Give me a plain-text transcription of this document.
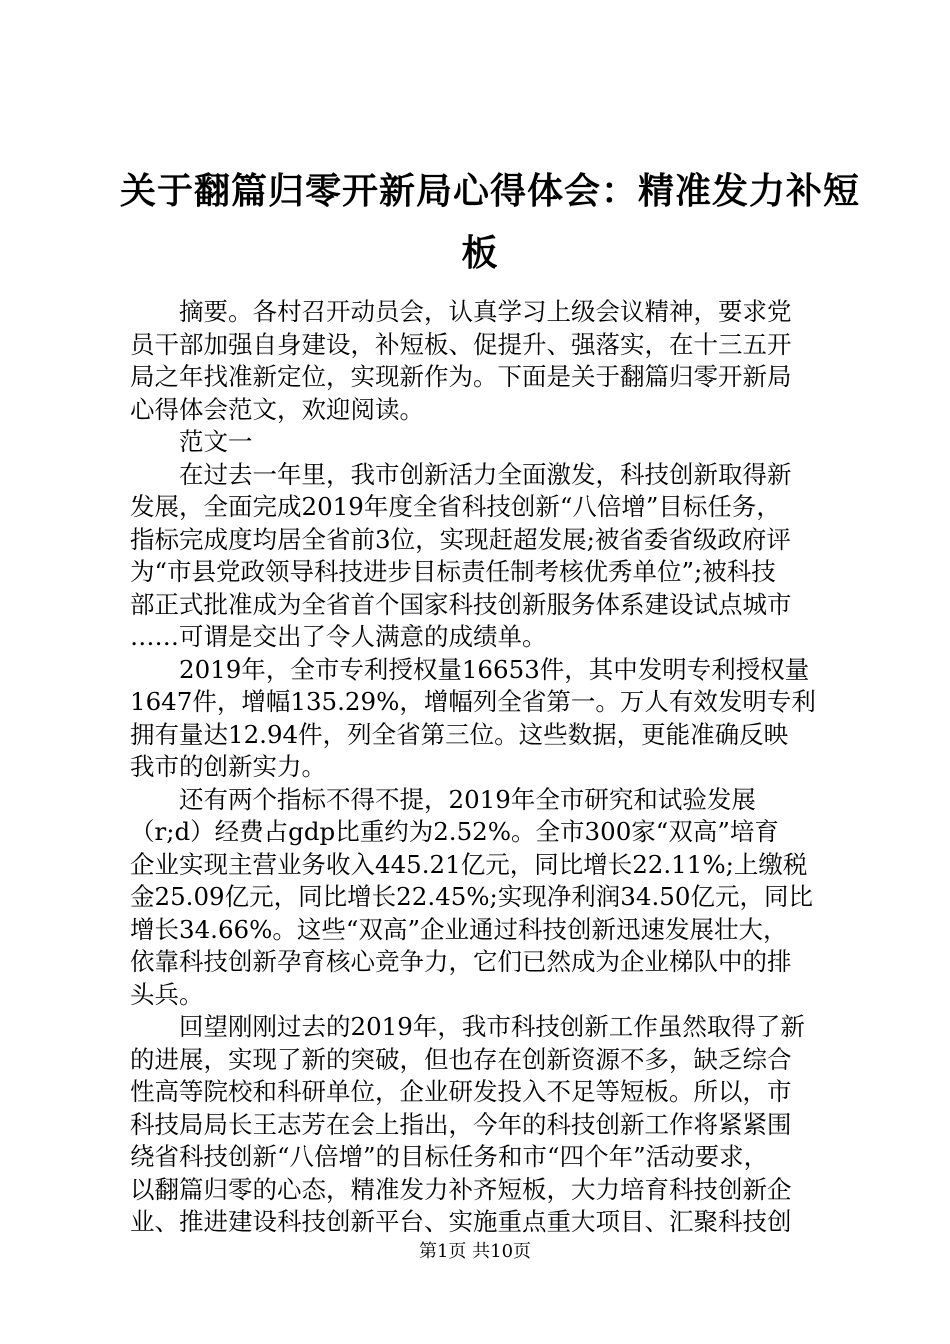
关于翻篇归零开新局心得体会：精准发力补短
板

　　摘要。各村召开动员会，认真学习上级会议精神，要求党
员干部加强自身建设，补短板、促提升、强落实，在十三五开
局之年找准新定位，实现新作为。下面是关于翻篇归零开新局
心得体会范文，欢迎阅读。

　　范文一

　　在过去一年里，我市创新活力全面激发，科技创新取得新
发展，全面完成2019年度全省科技创新“八倍增”目标任务，
指标完成度均居全省前3位，实现赶超发展;被省委省级政府评
为“市县党政领导科技进步目标责任制考核优秀单位”;被科技
部正式批准成为全省首个国家科技创新服务体系建设试点城市
……可谓是交出了令人满意的成绩单。

　　2019年，全市专利授权量16653件，其中发明专利授权量
1647件，增幅135.29%，增幅列全省第一。万人有效发明专利
拥有量达12.94件，列全省第三位。这些数据，更能准确反映
我市的创新实力。

　　还有两个指标不得不提，2019年全市研究和试验发展
（r;d）经费占gdp比重约为2.52%。全市300家“双高”培育
企业实现主营业务收入445.21亿元，同比增长22.11%;上缴税
金25.09亿元，同比增长22.45%;实现净利润34.50亿元，同比
增长34.66%。这些“双高”企业通过科技创新迅速发展壮大，
依靠科技创新孕育核心竞争力，它们已然成为企业梯队中的排
头兵。

　　回望刚刚过去的2019年，我市科技创新工作虽然取得了新
的进展，实现了新的突破，但也存在创新资源不多，缺乏综合
性高等院校和科研单位，企业研发投入不足等短板。所以，市
科技局局长王志芳在会上指出，今年的科技创新工作将紧紧围
绕省科技创新“八倍增”的目标任务和市“四个年”活动要求，
以翻篇归零的心态，精准发力补齐短板，大力培育科技创新企
业、推进建设科技创新平台、实施重点重大项目、汇聚科技创

第1页 共10页
